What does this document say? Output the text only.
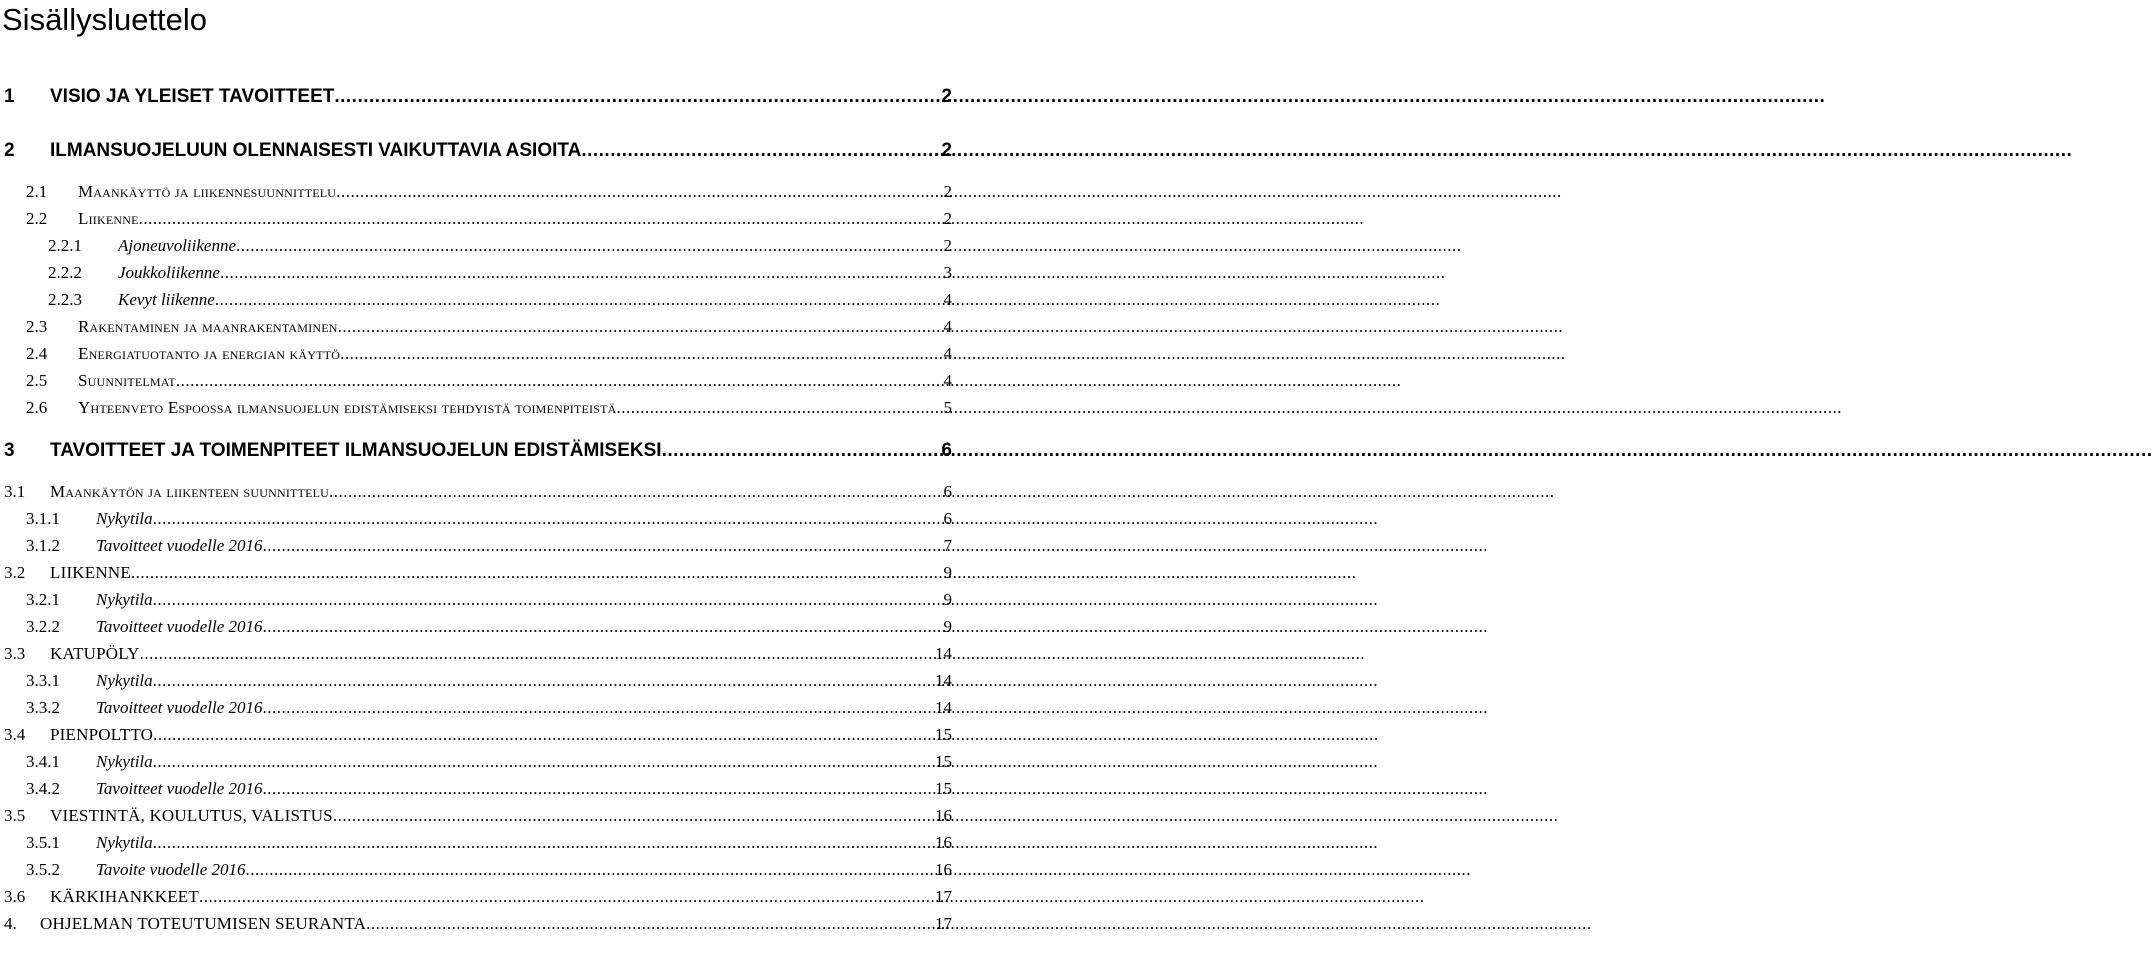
Sisällysluettelo
1	VISIO JA YLEISET TAVOITTEET .....	2
2	ILMANSUOJELUUN OLENNAISESTI VAIKUTTAVIA ASIOITA .....	2
2.1	Maankäyttö ja liikennesuunnittelu .....	2
2.2	Liikenne .....	2
2.2.1	Ajoneuvoliikenne .....	2
2.2.2	Joukkoliikenne .....	3
2.2.3	Kevyt liikenne .....	4
2.3	Rakentaminen ja maanrakentaminen .....	4
2.4	Energiatuotanto ja energian käyttö .....	4
2.5	Suunnitelmat .....	4
2.6	Yhteenveto Espoossa ilmansuojelun edistämiseksi tehdyistä toimenpiteistä .....	5
3	TAVOITTEET JA TOIMENPITEET ILMANSUOJELUN EDISTÄMISEKSI .....	6
3.1	Maankäytön ja liikenteen suunnittelu .....	6
3.1.1	Nykytila .....	6
3.1.2	Tavoitteet vuodelle 2016 .....	7
3.2	LIIKENNE .....	9
3.2.1	Nykytila .....	9
3.2.2	Tavoitteet vuodelle 2016 .....	9
3.3	KATUPÖLY .....	14
3.3.1	Nykytila .....	14
3.3.2	Tavoitteet vuodelle 2016 .....	14
3.4	PIENPOLTTO .....	15
3.4.1	Nykytila .....	15
3.4.2	Tavoitteet vuodelle 2016 .....	15
3.5	VIESTINTÄ, KOULUTUS, VALISTUS .....	16
3.5.1	Nykytila .....	16
3.5.2	Tavoite vuodelle 2016 .....	16
3.6	KÄRKIHANKKEET .....	17
4.	OHJELMAN TOTEUTUMISEN SEURANTA .....	17
